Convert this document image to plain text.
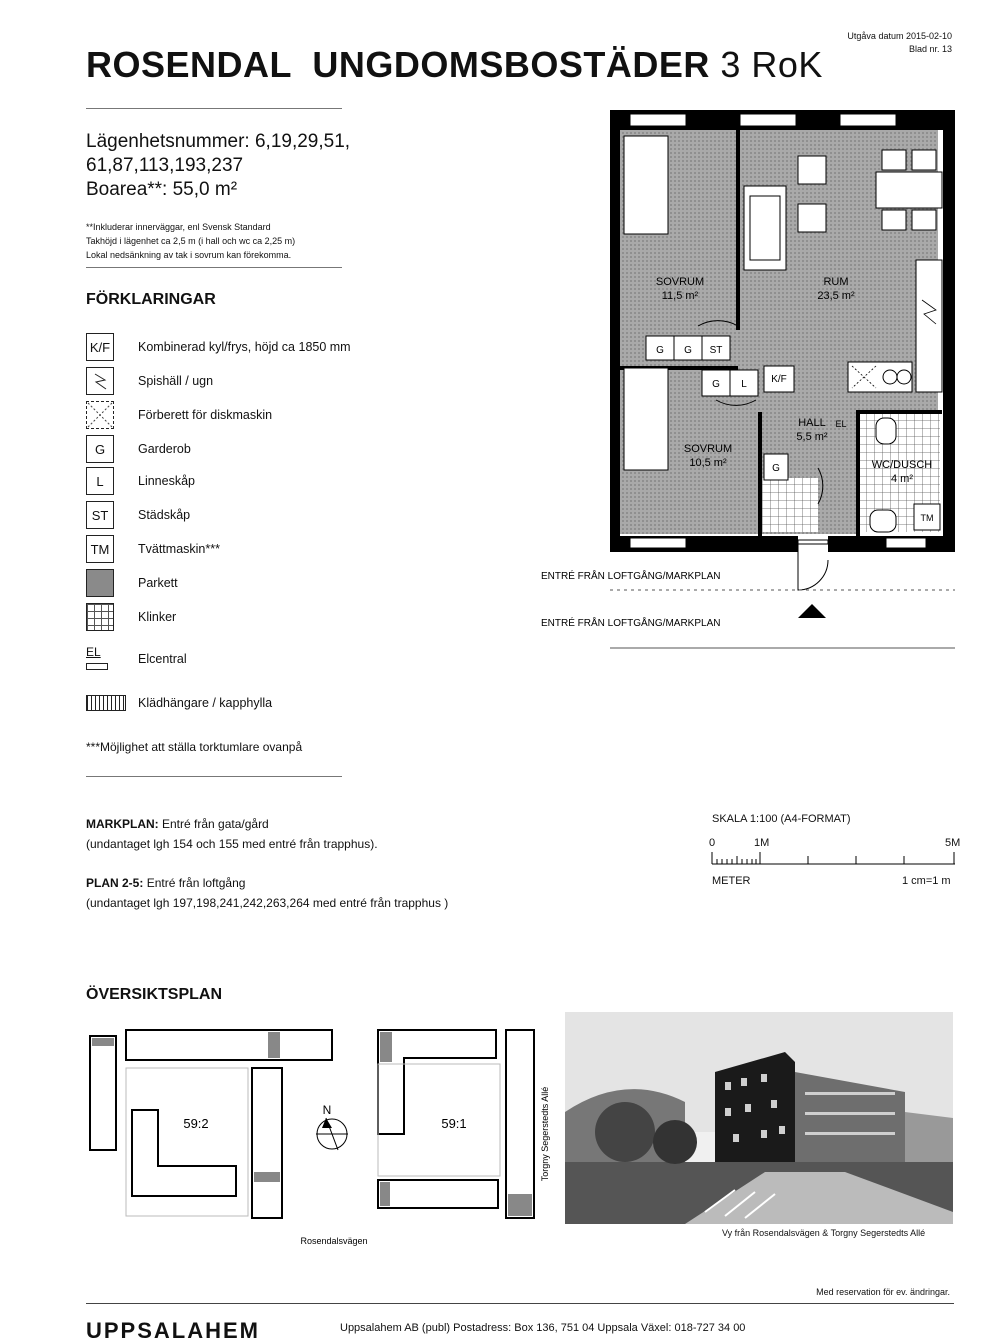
ROSENDAL  UNGDOMSBOSTÄDER 3 RoK
Utgåva datum 2015-02-10
Blad nr. 13
Lägenhetsnummer: 6,19,29,51,
61,87,113,193,237
Boarea**: 55,0 m²
**Inkluderar innerväggar, enl Svensk Standard
Takhöjd i lägenhet ca 2,5 m (i hall och wc ca 2,25 m)
Lokal nedsänkning av tak i sovrum kan förekomma.
FÖRKLARINGAR
K/F	Kombinerad kyl/frys, höjd ca 1850 mm
Spishäll / ugn
Förberett för diskmaskin
G	Garderob
L	Linneskåp
ST	Städskåp
TM	Tvättmaskin***
Parkett
Klinker
EL	Elcentral
Klädhängare / kapphylla
***Möjlighet att ställa torktumlare ovanpå
G G ST
G L K/F
G
TM
SOVRUM
11,5 m²
RUM
23,5 m²
SOVRUM
10,5 m²
HALL
5,5 m²
EL
WC/DUSCH
4 m²
ENTRÉ FRÅN LOFTGÅNG/MARKPLAN
ENTRÉ FRÅN LOFTGÅNG/MARKPLAN
MARKPLAN: Entré från gata/gård
(undantaget lgh 154 och 155 med entré från trapphus).
PLAN 2-5: Entré från loftgång
(undantaget lgh 197,198,241,242,263,264 med entré från trapphus )
SKALA 1:100 (A4-FORMAT)
0	1M	5M
METER	1 cm=1 m
ÖVERSIKTSPLAN
59:2	59:1
N
Rosendalsvägen
Torgny Segerstedts Allé
Vy från Rosendalsvägen & Torgny Segerstedts Allé
Med reservation för ev. ändringar.
UPPSALAHEM	Uppsalahem AB (publ) Postadress: Box 136, 751 04 Uppsala Växel: 018-727 34 00
